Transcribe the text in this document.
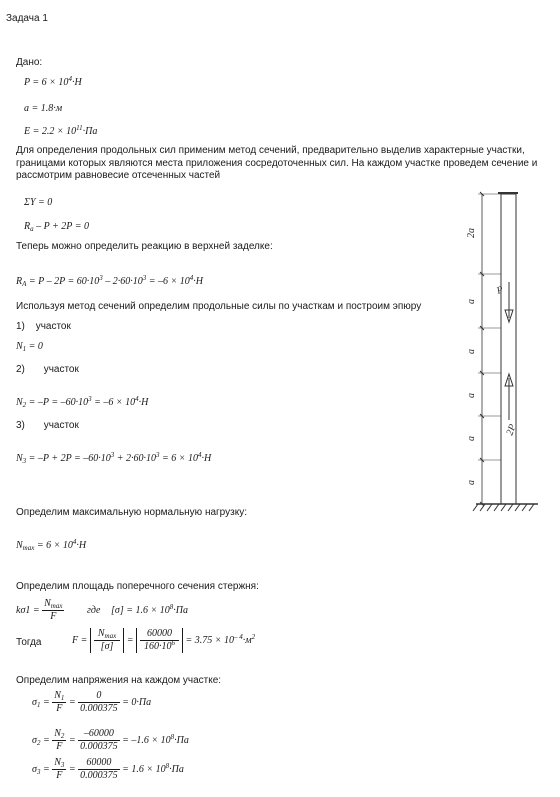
Задача 1
Дано:
$P = 6 \times 10^4\cdot Н$
a = 1.8·м
$E = 2.2 \times 10^{11}\cdot Па$
Для определения продольных сил применим метод сечений, предварительно выделив характерные участки, границами которых являются места приложения сосредоточенных сил. На каждом участке проведем сечение и рассмотрим равновесие отсеченных частей
ΣY = 0
$R_a - P + 2P = 0$
Теперь можно определить реакцию в верхней заделке:
$R_A = P - 2P = 60\cdot 10^3 - 2\cdot 60\cdot 10^3 = -6 \times 10^4\cdot Н$
Используя метод сечений определим продольные силы по участкам и построим эпюру
1) участок
$N_1 = 0$
2) участок
$N_2 = -P = -60\cdot 10^3 = -6 \times 10^4\cdot Н$
3) участок
$N_3 = -P + 2P = -60\cdot 10^3 + 2\cdot 60\cdot 10^3 = 6 \times 10^4\cdot Н$
Определим максимальную нормальную нагрузку:
$N_{max} = 6 \times 10^4\cdot Н$
Определим площадь поперечного сечения стержня:
$k\sigma 1 = \frac{N_{max}}{F}$ где $[\sigma] = 1.6 \times 10^8\cdot Па$
Тогда	$F = \frac{N_{max}}{[\sigma]} = \frac{60000}{160\cdot 10^6} = 3.75 \times 10^{- 4}\cdot м^2$
Определим напряжения на каждом участке:
$\sigma_1 = \frac{N_1}{F} = \frac{0}{0.000375} = 0\cdot Па$
$\sigma_2 = \frac{N_2}{F} = \frac{-60000}{0.000375} = -1.6 \times 10^8\cdot Па$
$\sigma_3 = \frac{N_3}{F} = \frac{60000}{0.000375} = 1.6 \times 10^8\cdot Па$
2a
a
a
a
a
a
P
2P
